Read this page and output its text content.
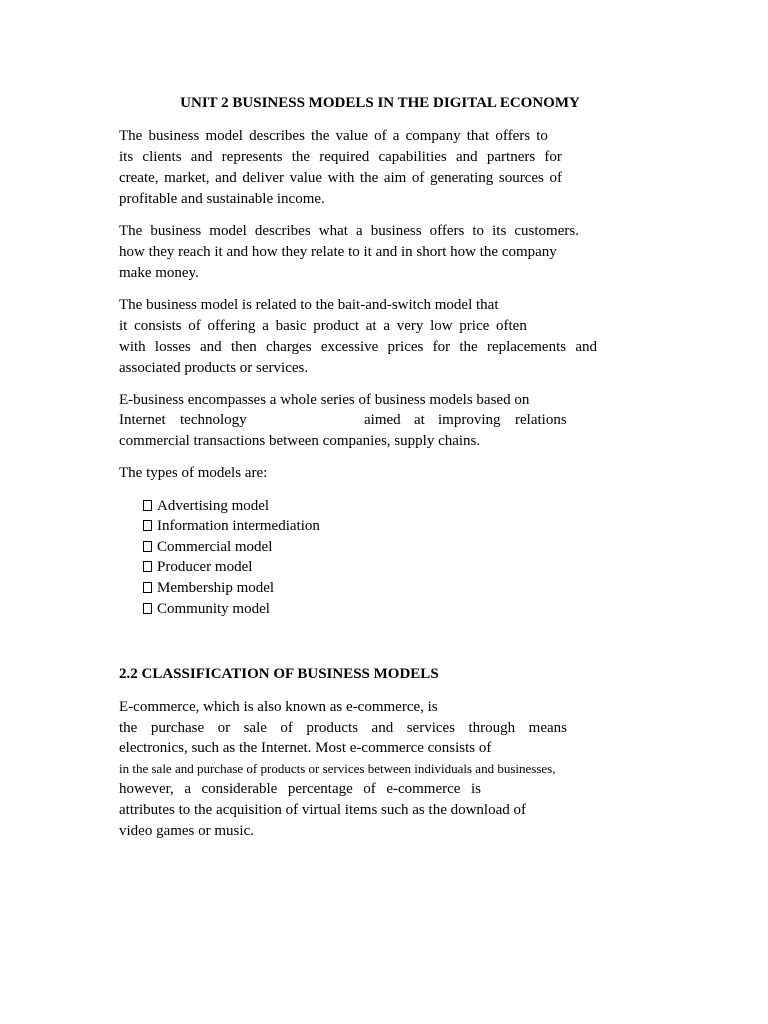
UNIT 2 BUSINESS MODELS IN THE DIGITAL ECONOMY
The business model describes the value of a company that offers to
its clients and represents the required capabilities and partners for
create, market, and deliver value with the aim of generating sources of
profitable and sustainable income.
The business model describes what a business offers to its customers.
how they reach it and how they relate to it and in short how the company
make money.
The business model is related to the bait-and-switch model that
it consists of offering a basic product at a very low price often
with losses and then charges excessive prices for the replacements and
associated products or services.
E-business encompasses a whole series of business models based on
Internet technology	aimed at improving relations
commercial transactions between companies, supply chains.
The types of models are:
Advertising model
Information intermediation
Commercial model
Producer model
Membership model
Community model
2.2 CLASSIFICATION OF BUSINESS MODELS
E-commerce, which is also known as e-commerce, is
the purchase or sale of products and services through means
electronics, such as the Internet. Most e-commerce consists of
in the sale and purchase of products or services between individuals and businesses,
however, a considerable percentage of e-commerce is
attributes to the acquisition of virtual items such as the download of
video games or music.
